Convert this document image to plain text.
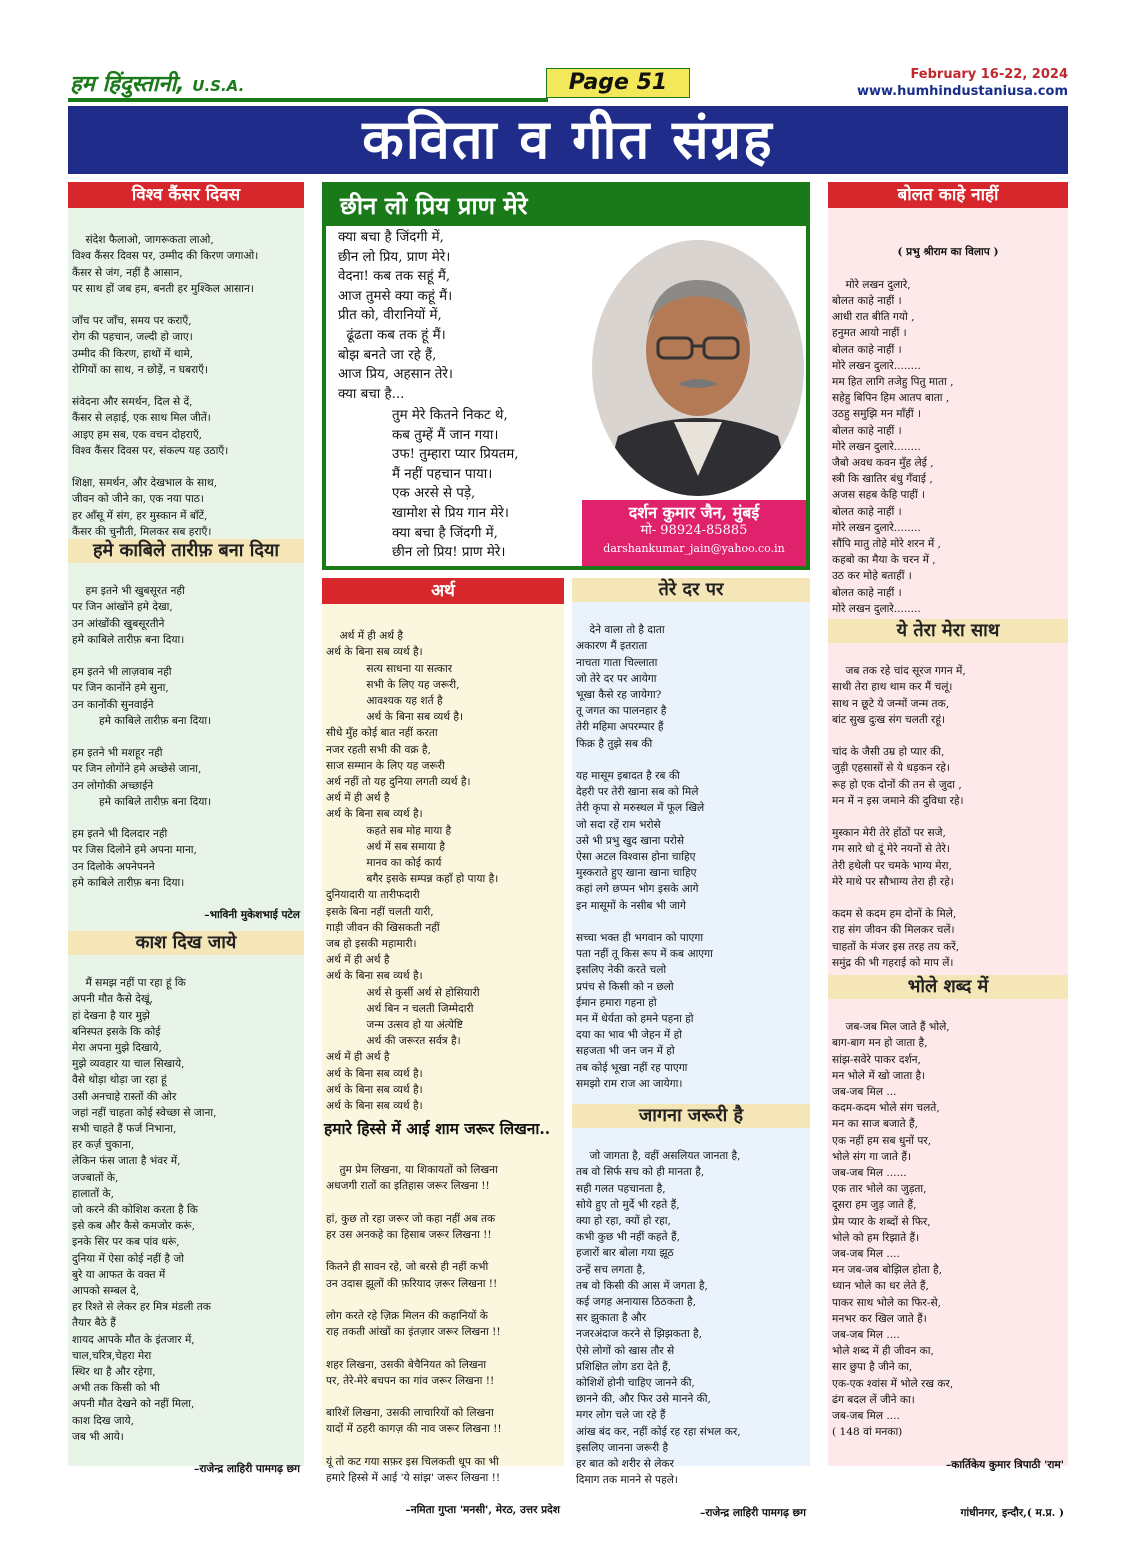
हम हिंदुस्तानी, U.S.A.	Page 51	February 16-22, 2024
www.humhindustaniusa.com
कविता व गीत संग्रह
विश्व कैंसर दिवस

संदेश फैलाओ, जागरूकता लाओ,
विश्व कैंसर दिवस पर, उम्मीद की किरण जगाओ।
कैंसर से जंग, नहीं है आसान,
पर साथ हों जब हम, बनती हर मुश्किल आसान।

जाँच पर जाँच, समय पर कराएँ,
रोग की पहचान, जल्दी हो जाए।
उम्मीद की किरण, हाथों में थामे,
रोगियों का साथ, न छोड़ें, न घबराएँ।

संवेदना और समर्थन, दिल से दें,
कैंसर से लड़ाई, एक साथ मिल जीतें।
आइए हम सब, एक वचन दोहराएँ,
विश्व कैंसर दिवस पर, संकल्प यह उठाएँ।

शिक्षा, समर्थन, और देखभाल के साथ,
जीवन को जीने का, एक नया पाठ।
हर आँसू में संग, हर मुस्कान में बाँटें,
कैंसर की चुनौती, मिलकर सब हराएँ।

हमे काबिले तारीफ़ बना दिया

हम इतने भी खुबसूरत नही
पर जिन आंखोंने हमे देखा,
उन आंखोंकी खुबसूरतीने
हमे काबिले तारीफ़ बना दिया।

हम इतने भी लाज़वाब नही
पर जिन कानोंने हमे सुना,
उन कानोंकी सुनवाईने
हमे काबिले तारीफ़ बना दिया।

हम इतने भी मशहूर नही
पर जिन लोगोंने हमे अच्छेसे जाना,
उन लोगोकी अच्छाईने
हमे काबिले तारीफ़ बना दिया।

हम इतने भी दिलदार नही
पर जिस दिलोने हमे अपना माना,
उन दिलोके अपनेपनने
हमे काबिले तारीफ़ बना दिया।

–भाविनी मुकेशभाई पटेल

काश दिख जाये

मैं समझ नहीं पा रहा हूं कि
अपनी मौत कैसे देखूं,
हां देखना है यार मुझे
बनिस्पत इसके कि कोई
मेरा अपना मुझे दिखाये,
मुझे व्यवहार या चाल सिखाये,
वैसे थोड़ा थोड़ा जा रहा हूं
उसी अनचाहे रास्तों की ओर
जहां नहीं चाहता कोई स्वेच्छा से जाना,
सभी चाहते हैं फर्ज निभाना,
हर कर्ज़ चुकाना,
लेकिन फंस जाता है भंवर में,
जज्बातों के,
हालातों के,
जो करने की कोशिश करता है कि
इसे कब और कैसे कमजोर करूं,
इनके सिर पर कब पांव धरूं,
दुनिया में ऐसा कोई नहीं है जो
बुरे या आफत के वक्त में
आपको सम्बल दे,
हर रिश्ते से लेकर हर मित्र मंडली तक
तैयार बैठे हैं
शायद आपके मौत के इंतजार में,
चाल,चरित्र,चेहरा मेरा
स्थिर था है और रहेगा,
अभी तक किसी को भी
अपनी मौत देखने को नहीं मिला,
काश दिख जाये,
जब भी आये।

–राजेन्द्र लाहिरी पामगढ़ छग

छीन लो प्रिय प्राण मेरे
क्या बचा है जिंदगी में,
छीन लो प्रिय, प्राण मेरे।
वेदना! कब तक सहूं मैं,
आज तुमसे क्या कहूं मैं।
प्रीत को, वीरानियों में,
ढूंढता कब तक हूं मैं।
बोझ बनते जा रहे हैं,
आज प्रिय, अहसान तेरे।
क्या बचा है...
तुम मेरे कितने निकट थे,
कब तुम्हें मैं जान गया।
उफ! तुम्हारा प्यार प्रियतम,
मैं नहीं पहचान पाया।
एक अरसे से पड़े,
खामोश से प्रिय गान मेरे।
क्या बचा है जिंदगी में,
छीन लो प्रिय! प्राण मेरे।
दर्शन कुमार जैन, मुंबई
मो- 98924-85885
darshankumar_jain@yahoo.co.in
अर्थ

अर्थ में ही अर्थ है
अर्थ के बिना सब व्यर्थ है।
सत्य साधना या सत्कार
सभी के लिए यह जरूरी,
आवश्यक यह शर्त है
अर्थ के बिना सब व्यर्थ है।
सीधे मुँह कोई बात नहीं करता
नजर रहती सभी की वक्र है,
साज सम्मान के लिए यह जरूरी
अर्थ नहीं तो यह दुनिया लगती व्यर्थ है।
अर्थ में ही अर्थ है
अर्थ के बिना सब व्यर्थ है।
कहते सब मोह माया है
अर्थ में सब समाया है
मानव का कोई कार्य
बगैर इसके सम्पन्न कहाँ हो पाया है।
दुनियादारी या तारीफदारी
इसके बिना नहीं चलती यारी,
गाड़ी जीवन की खिसकती नहीं
जब हो इसकी महामारी।
अर्थ में ही अर्थ है
अर्थ के बिना सब व्यर्थ है।
अर्थ से कुर्सी अर्थ से होसियारी
अर्थ बिन न चलती जिम्मेदारी
जन्म उत्सव हो या अंत्येष्टि
अर्थ की जरूरत सर्वत्र है।
अर्थ में ही अर्थ है
अर्थ के बिना सब व्यर्थ है।
अर्थ के बिना सब व्यर्थ है।
अर्थ के बिना सब व्यर्थ है।

हमारे हिस्से में आई शाम जरूर लिखना..

तुम प्रेम लिखना, या शिकायतों को लिखना
अधजगी रातों का इतिहास जरूर लिखना !!

हां, कुछ तो रहा जरूर जो कहा नहीं अब तक
हर उस अनकहे का हिसाब जरूर लिखना !!

कितने ही सावन रहे, जो बरसे ही नहीं कभी
उन उदास झूलों की फ़रियाद ज़रूर लिखना !!

लोग करते रहे ज़िक्र मिलन की कहानियों के
राह तकती आंखों का इंतज़ार जरूर लिखना !!

शहर लिखना, उसकी बेचैनियत को लिखना
पर, तेरे-मेरे बचपन का गांव जरूर लिखना !!

बारिशें लिखना, उसकी लाचारियों को लिखना
यादों में ठहरी कागज़ की नाव जरूर लिखना !!

यूं तो कट गया सफ़र इस चिलकती धूप का भी
हमारे हिस्से में आई 'ये सांझ' जरूर लिखना !!

–नमिता गुप्ता 'मनसी', मेरठ, उत्तर प्रदेश

तेरे दर पर

देने वाला तो है दाता
अकारण मैं इतराता
नाचता गाता चिल्लाता
जो तेरे दर पर आयेगा
भूखा कैसे रह जायेगा?
तू जगत का पालनहार है
तेरी महिमा अपरम्पार हैं
फिक्र है तुझे सब की

यह मासूम इबादत है रब की
देहरी पर तेरी खाना सब को मिले
तेरी कृपा से मरुस्थल में फूल खिले
जो सदा रहें राम भरोसे
उसे भी प्रभु खुद खाना परोसे
ऐसा अटल विश्वास होना चाहिए
मुस्कराते हुए खाना खाना चाहिए
कहां लगे छप्पन भोग इसके आगे
इन मासूमों के नसीब भी जागे

सच्चा भक्त ही भगवान को पाएगा
पता नहीं तू किस रूप में कब आएगा
इसलिए नेकी करते चलो
प्रपंच से किसी को न छलो
ईमान हमारा गहना हो
मन में धेर्यता को हमने पहना हो
दया का भाव भी जेहन में हो
सहजता भी जन जन में हो
तब कोई भूखा नहीं रह पाएगा
समझो राम राज आ जायेगा।

जागना जरूरी है

जो जागता है, वहीं असलियत जानता है,
तब वो सिर्फ सच को ही मानता है,
सही गलत पहचानता है,
सोये हुए तो मुर्दे भी रहते हैं,
क्या हो रहा, क्यों हो रहा,
कभी कुछ भी नहीं कहते हैं,
हजारों बार बोला गया झूठ
उन्हें सच लगता है,
तब वो किसी की आस में जगता है,
कई जगह अनायास ठिठकता है,
सर झुकाता है और
नजरअंदाज करने से झिझकता है,
ऐसे लोगों को खास तौर से
प्रशिक्षित लोग डरा देते हैं,
कोशिशें होनी चाहिए जानने की,
छानने की, और फिर उसे मानने की,
मगर लोग चले जा रहे हैं
आंख बंद कर, नहीं कोई रह रहा संभल कर,
इसलिए जानना जरूरी है
हर बात को शरीर से लेकर
दिमाग तक मानने से पहले।

–राजेन्द्र लाहिरी पामगढ़ छग

बोलत काहे नाहीं

( प्रभु श्रीराम का विलाप )

मोरे लखन दुलारे,
बोलत काहे नाहीं ।
आधी रात बीति गयो ,
हनुमत आयो नाहीं ।
बोलत काहे नाहीं ।
मोरे लखन दुलारे........
मम हित लागि तजेहु पितु माता ,
सहेहु बिपिन हिम आतप बाता ,
उठहु समुझि मन माँहीं ।
बोलत काहे नाहीं ।
मोरे लखन दुलारे........
जैबो अवध कवन मुँह लेई ,
स्त्री कि खातिर बंधु गँवाई ,
अजस सहब केहि पाहीं ।
बोलत काहे नाहीं ।
मोरे लखन दुलारे........
सौंपि मातु तोहे मोरे शरन में ,
कहबो का मैया के चरन में ,
उठ कर मोहे बताहीं ।
बोलत काहे नाहीं ।
मोरे लखन दुलारे........

ये तेरा मेरा साथ

जब तक रहे चांद सूरज गगन में,
साथी तेरा हाथ थाम कर मैं चलूं।
साथ न छूटे ये जन्मों जन्म तक,
बांट सुख दुःख संग चलती रहूं।

चांद के जैसी उम्र हो प्यार की,
जुड़ी एहसासों से ये धड़कन रहे।
रूह हो एक दोनों की तन से जुदा ,
मन में न इस जमाने की दुविधा रहे।

मुस्कान मेरी तेरे होंठों पर सजे,
गम सारे धो दूं मेरे नयनों से तेरे।
तेरी हथेली पर चमके भाग्य मेरा,
मेरे माथे पर सौभाग्य तेरा ही रहे।

कदम से कदम हम दोनों के मिले,
राह संग जीवन की मिलकर चलें।
चाहतों के मंजर इस तरह तय करें,
समुंद्र की भी गहराई को माप लें।

भोले शब्द में

जब-जब मिल जाते हैं भोले,
बाग-बाग मन हो जाता है,
सांझ-सवेरे पाकर दर्शन,
मन भोले में खो जाता है।
जब-जब मिल ...
कदम-कदम भोले संग चलते,
मन का साज बजाते हैं,
एक नहीं हम सब धुनों पर,
भोले संग गा जाते हैं।
जब-जब मिल ......
एक तार भोले का जुड़ता,
दूसरा हम जुड़ जाते हैं,
प्रेम प्यार के शब्दों से फिर,
भोले को हम रिझाते हैं।
जब-जब मिल ....
मन जब-जब बोझिल होता है,
ध्यान भोले का धर लेते हैं,
पाकर साथ भोले का फिर-से,
मनभर कर खिल जाते हैं।
जब-जब मिल ....
भोले शब्द में ही जीवन का,
सार छुपा है जीने का,
एक-एक श्वांस में भोले रख कर,
ढंग बदल लें जीने का।
जब-जब मिल ....
( 148 वां मनका)

–कार्तिकेय कुमार त्रिपाठी 'राम'

गांधीनगर, इन्दौर,( म.प्र. )
